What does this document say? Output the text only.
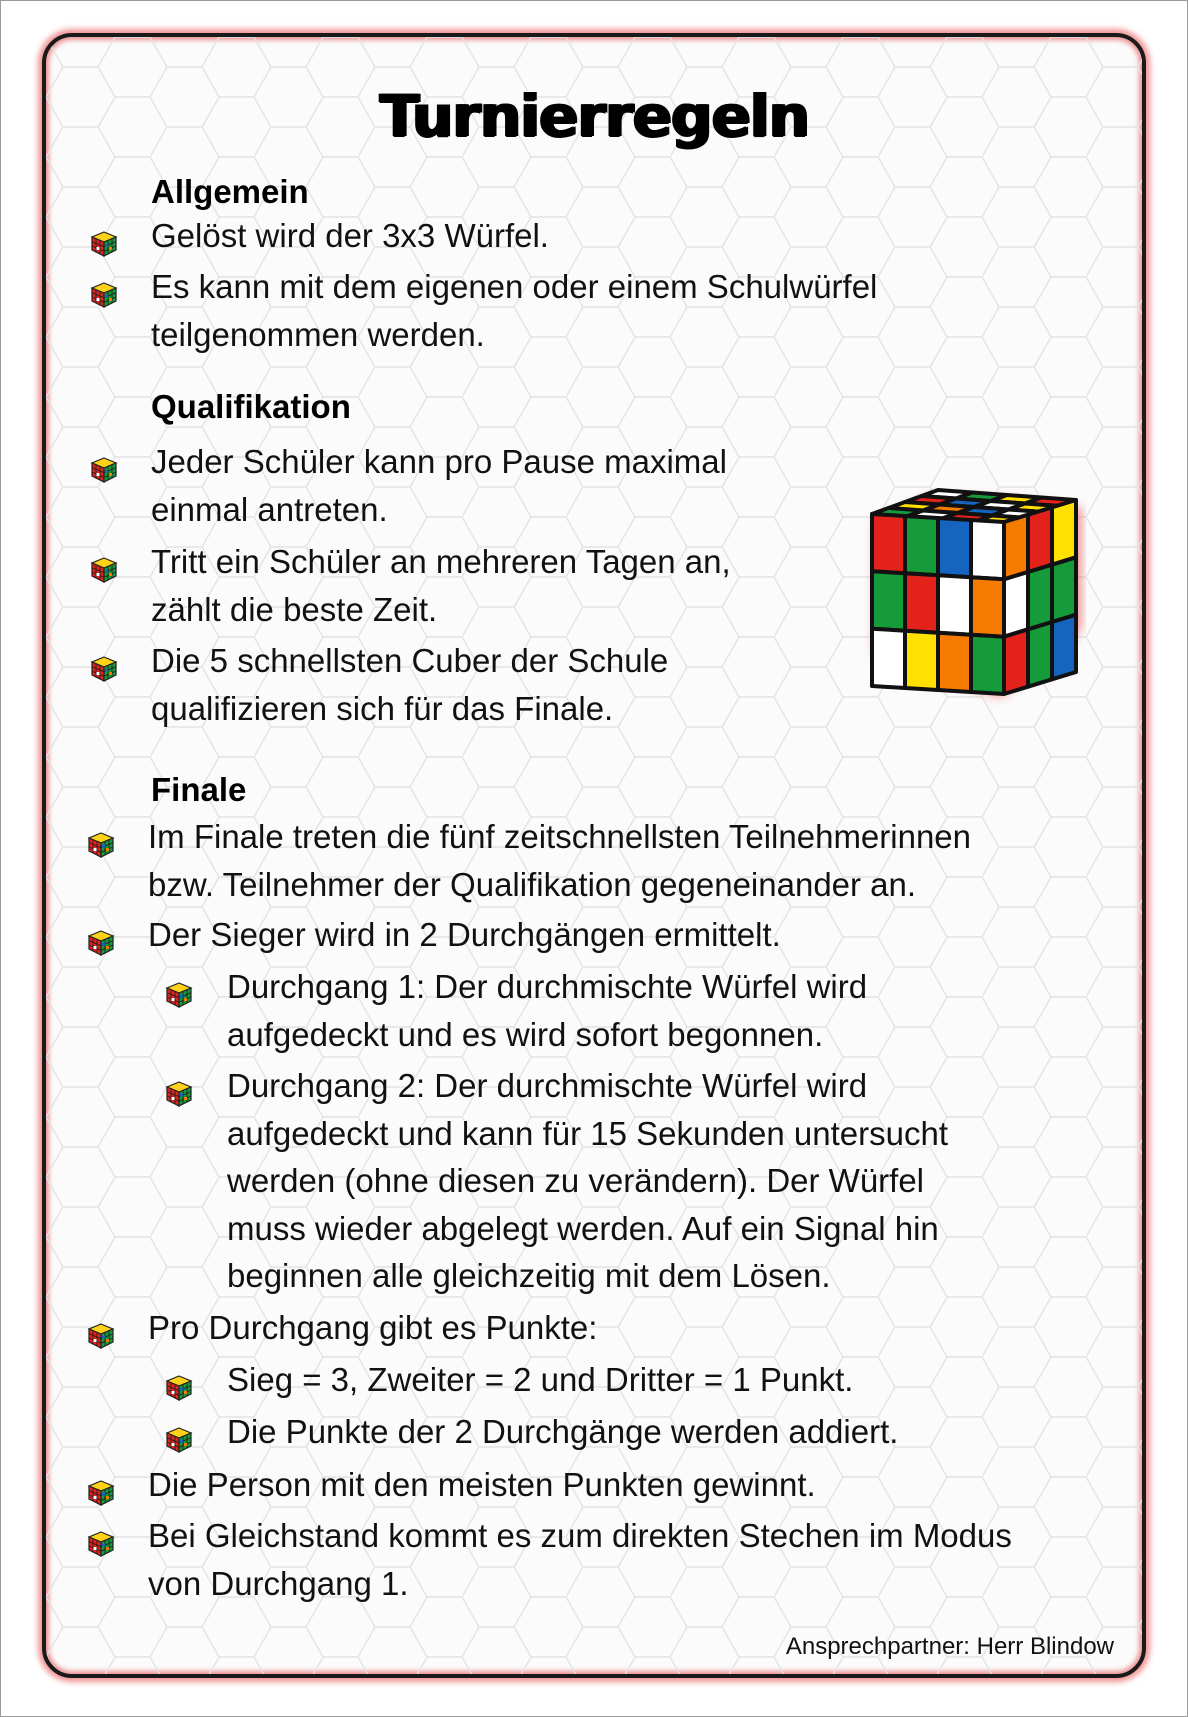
Turnierregeln
Allgemein

Gelöst wird der 3x3 Würfel.

Es kann mit dem eigenen oder einem Schulwürfel

teilgenommen werden.

Jeder Schüler kann pro Pause maximal

einmal antreten.

Tritt ein Schüler an mehreren Tagen an,

zählt die beste Zeit.

Die 5 schnellsten Cuber der Schule

qualifizieren sich für das Finale.

Im Finale treten die fünf zeitschnellsten Teilnehmerinnen

bzw. Teilnehmer der Qualifikation gegeneinander an.

Der Sieger wird in 2 Durchgängen ermittelt.

Durchgang 1: Der durchmischte Würfel wird

aufgedeckt und es wird sofort begonnen.

Durchgang 2: Der durchmischte Würfel wird

aufgedeckt und kann für 15 Sekunden untersucht

werden (ohne diesen zu verändern). Der Würfel

muss wieder abgelegt werden. Auf ein Signal hin

beginnen alle gleichzeitig mit dem Lösen.

Pro Durchgang gibt es Punkte:

Sieg = 3, Zweiter = 2 und Dritter = 1 Punkt.

Die Punkte der 2 Durchgänge werden addiert.

Die Person mit den meisten Punkten gewinnt.

Bei Gleichstand kommt es zum direkten Stechen im Modus

von Durchgang 1.

Qualifikation
Finale

Ansprechpartner: Herr Blindow
